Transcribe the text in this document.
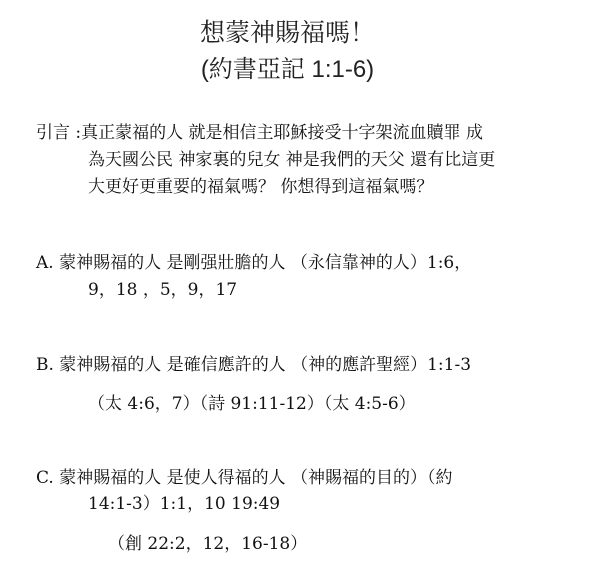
想蒙神賜福嗎！
(約書亞記 1:1-6)
引言 :真正蒙福的人 就是相信主耶穌接受十字架流血贖罪 成
為天國公民 神家裏的兒女 神是我們的天父 還有比這更
大更好更重要的福氣嗎？ 你想得到這福氣嗎？
A. 蒙神賜福的人 是剛强壯膽的人 （永信靠神的人）1:6，
9，18 ，5，9，17
B. 蒙神賜福的人 是確信應許的人 （神的應許聖經）1:1-3
（太 4:6，7）（詩 91:11-12）（太 4:5-6）
C. 蒙神賜福的人 是使人得福的人 （神賜福的目的）（約
14:1-3）1:1，10 19:49
（創 22:2，12，16-18）
